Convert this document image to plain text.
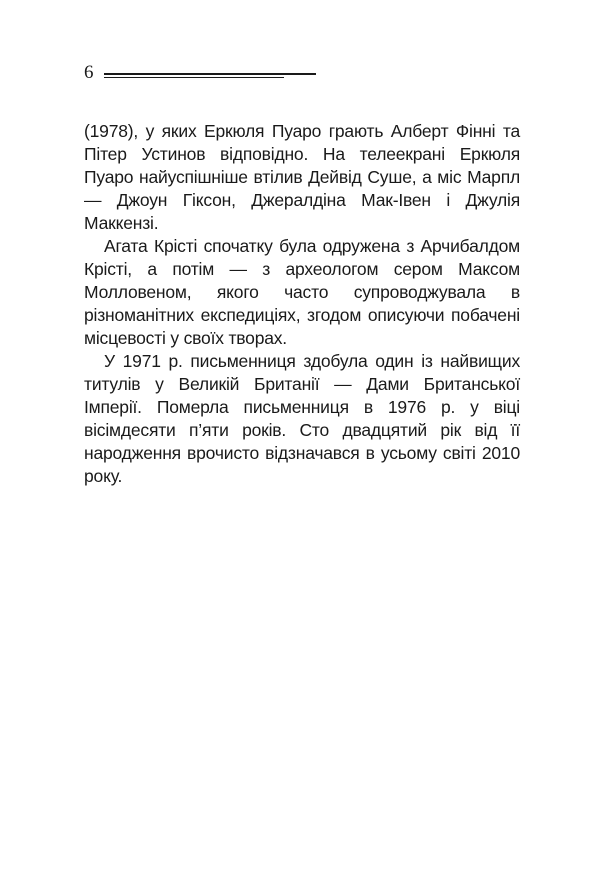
6

(1978), у яких Еркюля Пуаро грають Алберт Фінні та Пітер Устинов відповідно. На телеекрані Еркюля Пуаро найуспішніше втілив Дейвід Суше, а міс Марпл — Джоун Гіксон, Джералдіна Мак-Івен і Джулія Маккензі.

Агата Крісті спочатку була одружена з Арчибалдом Крісті, а потім — з археологом сером Максом Молловеном, якого часто супроводжувала в різноманітних експедиціях, згодом описуючи побачені місцевості у своїх творах.

У 1971 р. письменниця здобула один із найвищих титулів у Великій Британії — Дами Британської Імперії. Померла письменниця в 1976 р. у віці вісімдесяти п’яти років. Сто двадцятий рік від її народження врочисто відзначався в усьому світі 2010 року.
